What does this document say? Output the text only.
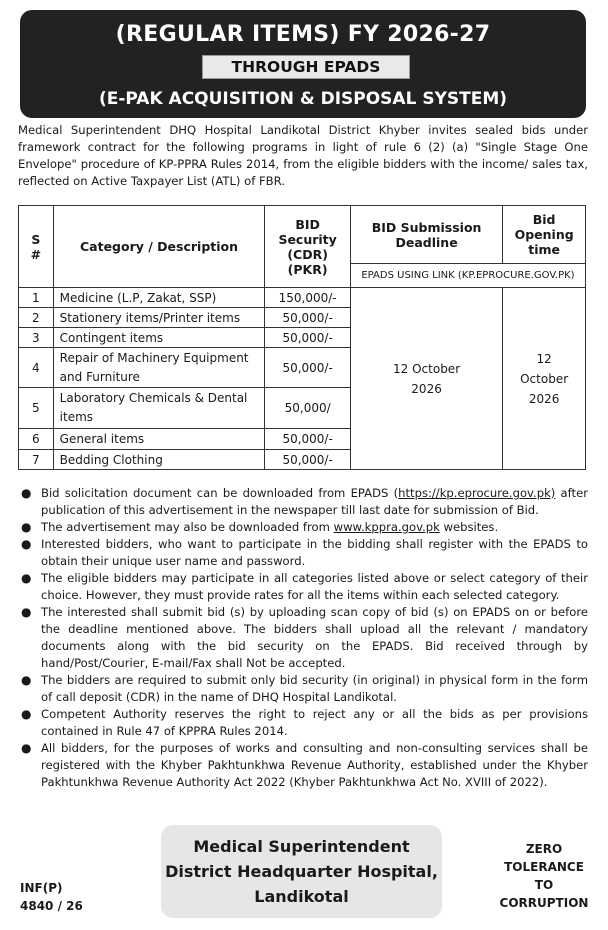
(REGULAR ITEMS) FY 2026-27
THROUGH EPADS
(E-PAK ACQUISITION & DISPOSAL SYSTEM)
Medical Superintendent DHQ Hospital Landikotal District Khyber invites sealed bids under framework contract for the following programs in light of rule 6 (2) (a) "Single Stage One Envelope" procedure of KP-PPRA Rules 2014, from the eligible bidders with the income/ sales tax, reflected on Active Taxpayer List (ATL) of FBR.
S #	Category / Description	BID Security (CDR) (PKR)	BID Submission Deadline	Bid Opening time
			EPADS USING LINK (KP.EPROCURE.GOV.PK)	
1	Medicine (L.P, Zakat, SSP)	150,000/-	12 October 2026	12 October 2026
2	Stationery items/Printer items	50,000/-		
3	Contingent items	50,000/-		
4	Repair of Machinery Equipment and Furniture	50,000/-		
5	Laboratory Chemicals & Dental items	50,000/		
6	General items	50,000/-		
7	Bedding Clothing	50,000/-		
● Bid solicitation document can be downloaded from EPADS (https://kp.eprocure.gov.pk) after publication of this advertisement in the newspaper till last date for submission of Bid.
● The advertisement may also be downloaded from www.kppra.gov.pk websites.
● Interested bidders, who want to participate in the bidding shall register with the EPADS to obtain their unique user name and password.
● The eligible bidders may participate in all categories listed above or select category of their choice. However, they must provide rates for all the items within each selected category.
● The interested shall submit bid (s) by uploading scan copy of bid (s) on EPADS on or before the deadline mentioned above. The bidders shall upload all the relevant / mandatory documents along with the bid security on the EPADS. Bid received through by hand/Post/Courier, E-mail/Fax shall Not be accepted.
● The bidders are required to submit only bid security (in original) in physical form in the form of call deposit (CDR) in the name of DHQ Hospital Landikotal.
● Competent Authority reserves the right to reject any or all the bids as per provisions contained in Rule 47 of KPPRA Rules 2014.
● All bidders, for the purposes of works and consulting and non-consulting services shall be registered with the Khyber Pakhtunkhwa Revenue Authority, established under the Khyber Pakhtunkhwa Revenue Authority Act 2022 (Khyber Pakhtunkhwa Act No. XVIII of 2022).
Medical Superintendent
District Headquarter Hospital,
Landikotal
INF(P)
4840 / 26
ZERO
TOLERANCE
TO
CORRUPTION
